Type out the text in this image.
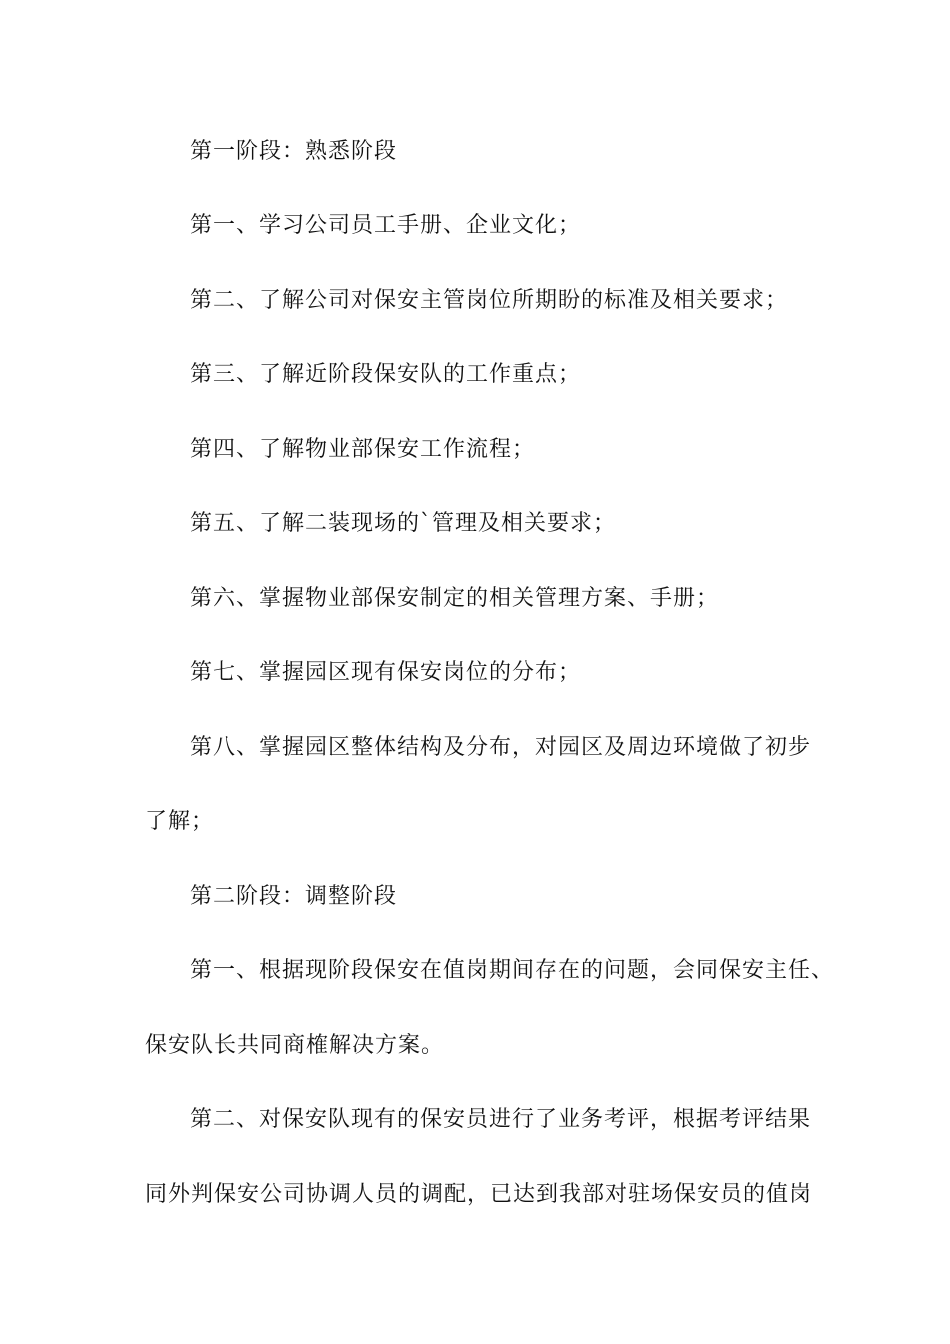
第一阶段：熟悉阶段
第一、学习公司员工手册、企业文化；
第二、了解公司对保安主管岗位所期盼的标准及相关要求；
第三、了解近阶段保安队的工作重点；
第四、了解物业部保安工作流程；
第五、了解二装现场的`管理及相关要求；
第六、掌握物业部保安制定的相关管理方案、手册；
第七、掌握园区现有保安岗位的分布；
第八、掌握园区整体结构及分布，对园区及周边环境做了初步
了解；
第二阶段：调整阶段
第一、根据现阶段保安在值岗期间存在的问题，会同保安主任、
保安队长共同商榷解决方案。
第二、对保安队现有的保安员进行了业务考评，根据考评结果
同外判保安公司协调人员的调配，已达到我部对驻场保安员的值岗
